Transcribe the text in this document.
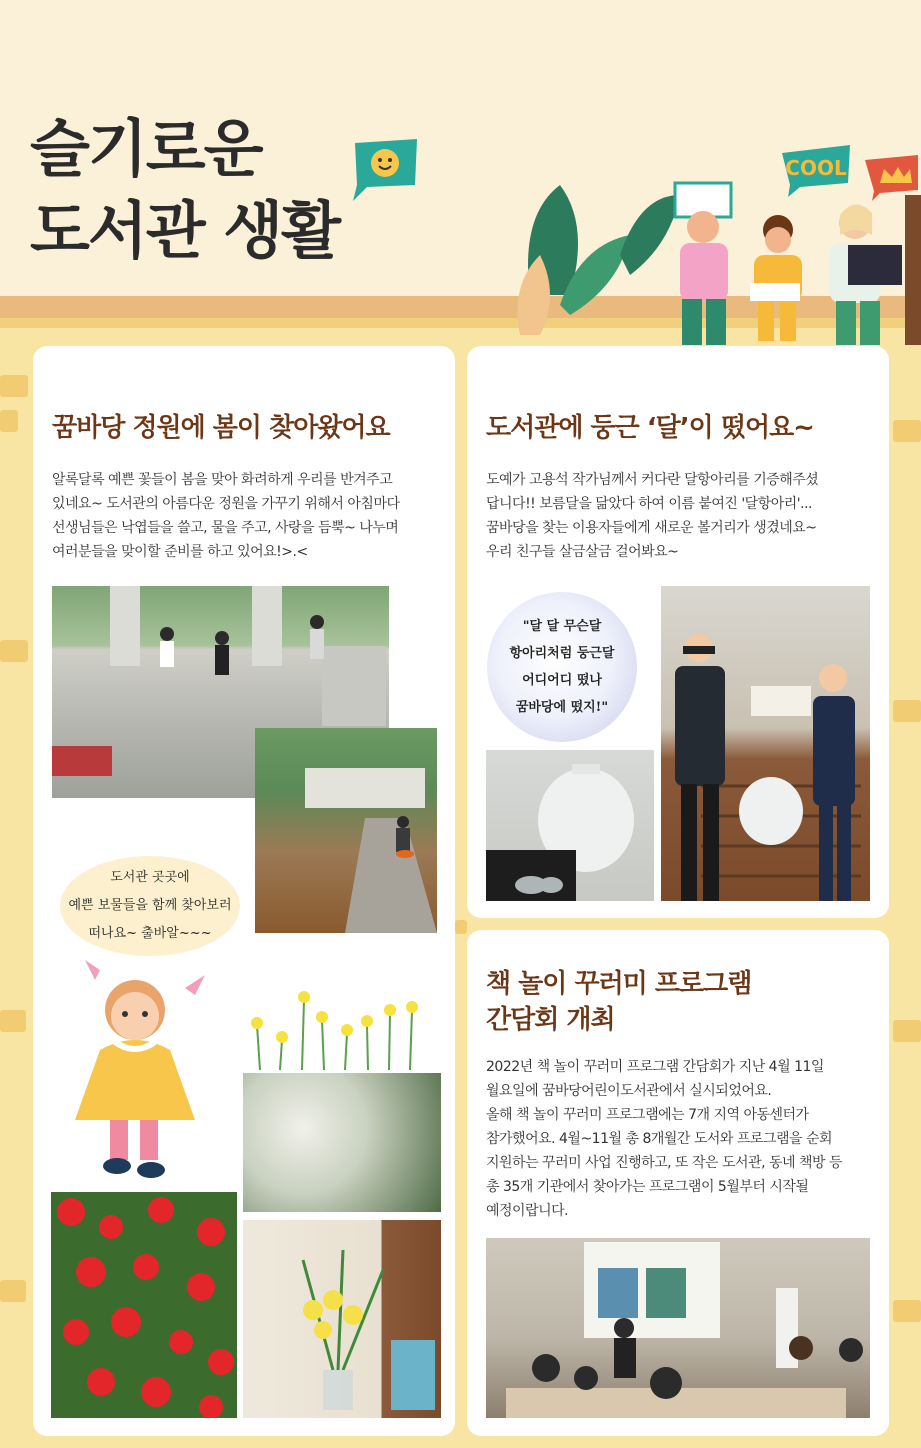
슬기로운
도서관 생활
COOL
꿈바당 정원에 봄이 찾아왔어요
알록달록 예쁜 꽃들이 봄을 맞아 화려하게 우리를 반겨주고
있네요~ 도서관의 아름다운 정원을 가꾸기 위해서 아침마다
선생님들은 낙엽들을 쓸고, 물을 주고, 사랑을 듬뿍~ 나누며
여러분들을 맞이할 준비를 하고 있어요!>.<
도서관 곳곳에
예쁜 보물들을 함께 찾아보러
떠나요~ 출바알~~~
도서관에 둥근 ‘달’이 떴어요~
도예가 고용석 작가님께서 커다란 달항아리를 기증해주셨
답니다!! 보름달을 닮았다 하여 이름 붙여진 '달항아리'...
꿈바당을 찾는 이용자들에게 새로운 볼거리가 생겼네요~
우리 친구들 살금살금 걸어봐요~
"달 달 무슨달
항아리처럼 둥근달
어디어디 떴나
꿈바당에 떴지!"
책 놀이 꾸러미 프로그램
간담회 개최
2022년 책 놀이 꾸러미 프로그램 간담회가 지난 4월 11일
월요일에 꿈바당어린이도서관에서 실시되었어요.
올해 책 놀이 꾸러미 프로그램에는 7개 지역 아동센터가
참가했어요. 4월~11월 총 8개월간 도서와 프로그램을 순회
지원하는 꾸러미 사업 진행하고, 또 작은 도서관, 동네 책방 등
총 35개 기관에서 찾아가는 프로그램이 5월부터 시작될
예정이랍니다.
